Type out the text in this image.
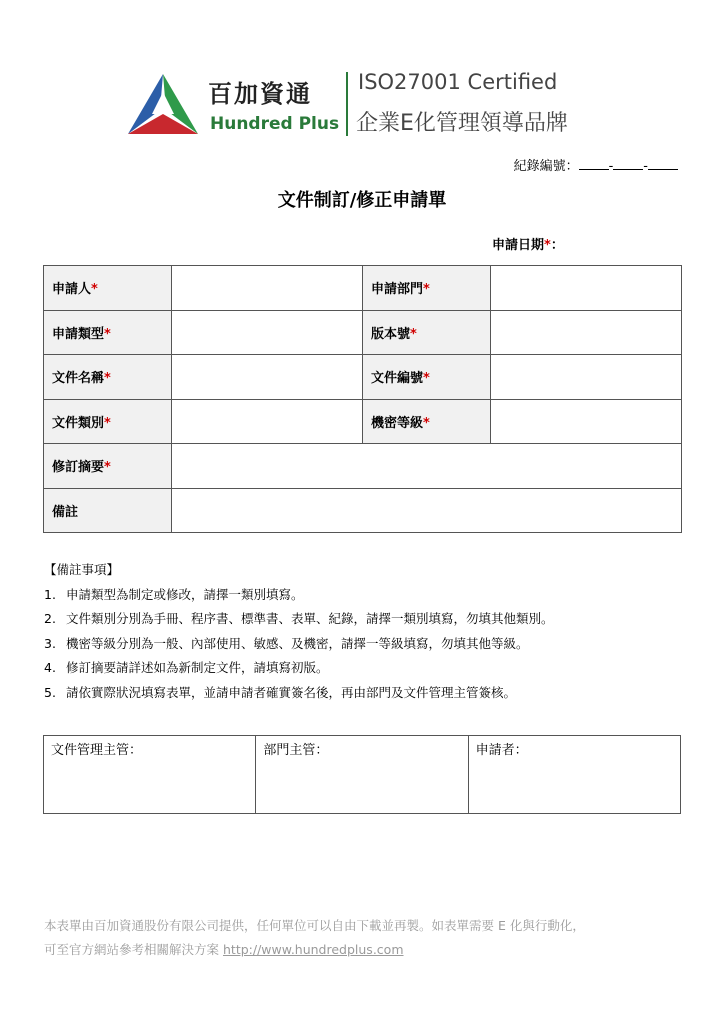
百加資通
Hundred Plus
ISO27001 Certified
企業E化管理領導品牌
紀錄編號： - -
文件制訂/修正申請單
申請日期*：
申請人*		申請部門*	
申請類型*		版本號*	
文件名稱*		文件編號*	
文件類別*		機密等級*	
修訂摘要*			
備註			
【備註事項】
1. 申請類型為制定或修改，請擇一類別填寫。
2. 文件類別分別為手冊、程序書、標準書、表單、紀錄，請擇一類別填寫，勿填其他類別。
3. 機密等級分別為一般、內部使用、敏感、及機密，請擇一等級填寫，勿填其他等級。
4. 修訂摘要請詳述如為新制定文件，請填寫初版。
5. 請依實際狀況填寫表單，並請申請者確實簽名後，再由部門及文件管理主管簽核。
文件管理主管：	部門主管：	申請者：
本表單由百加資通股份有限公司提供，任何單位可以自由下載並再製。如表單需要 E 化與行動化，
可至官方網站參考相關解決方案 http://www.hundredplus.com
